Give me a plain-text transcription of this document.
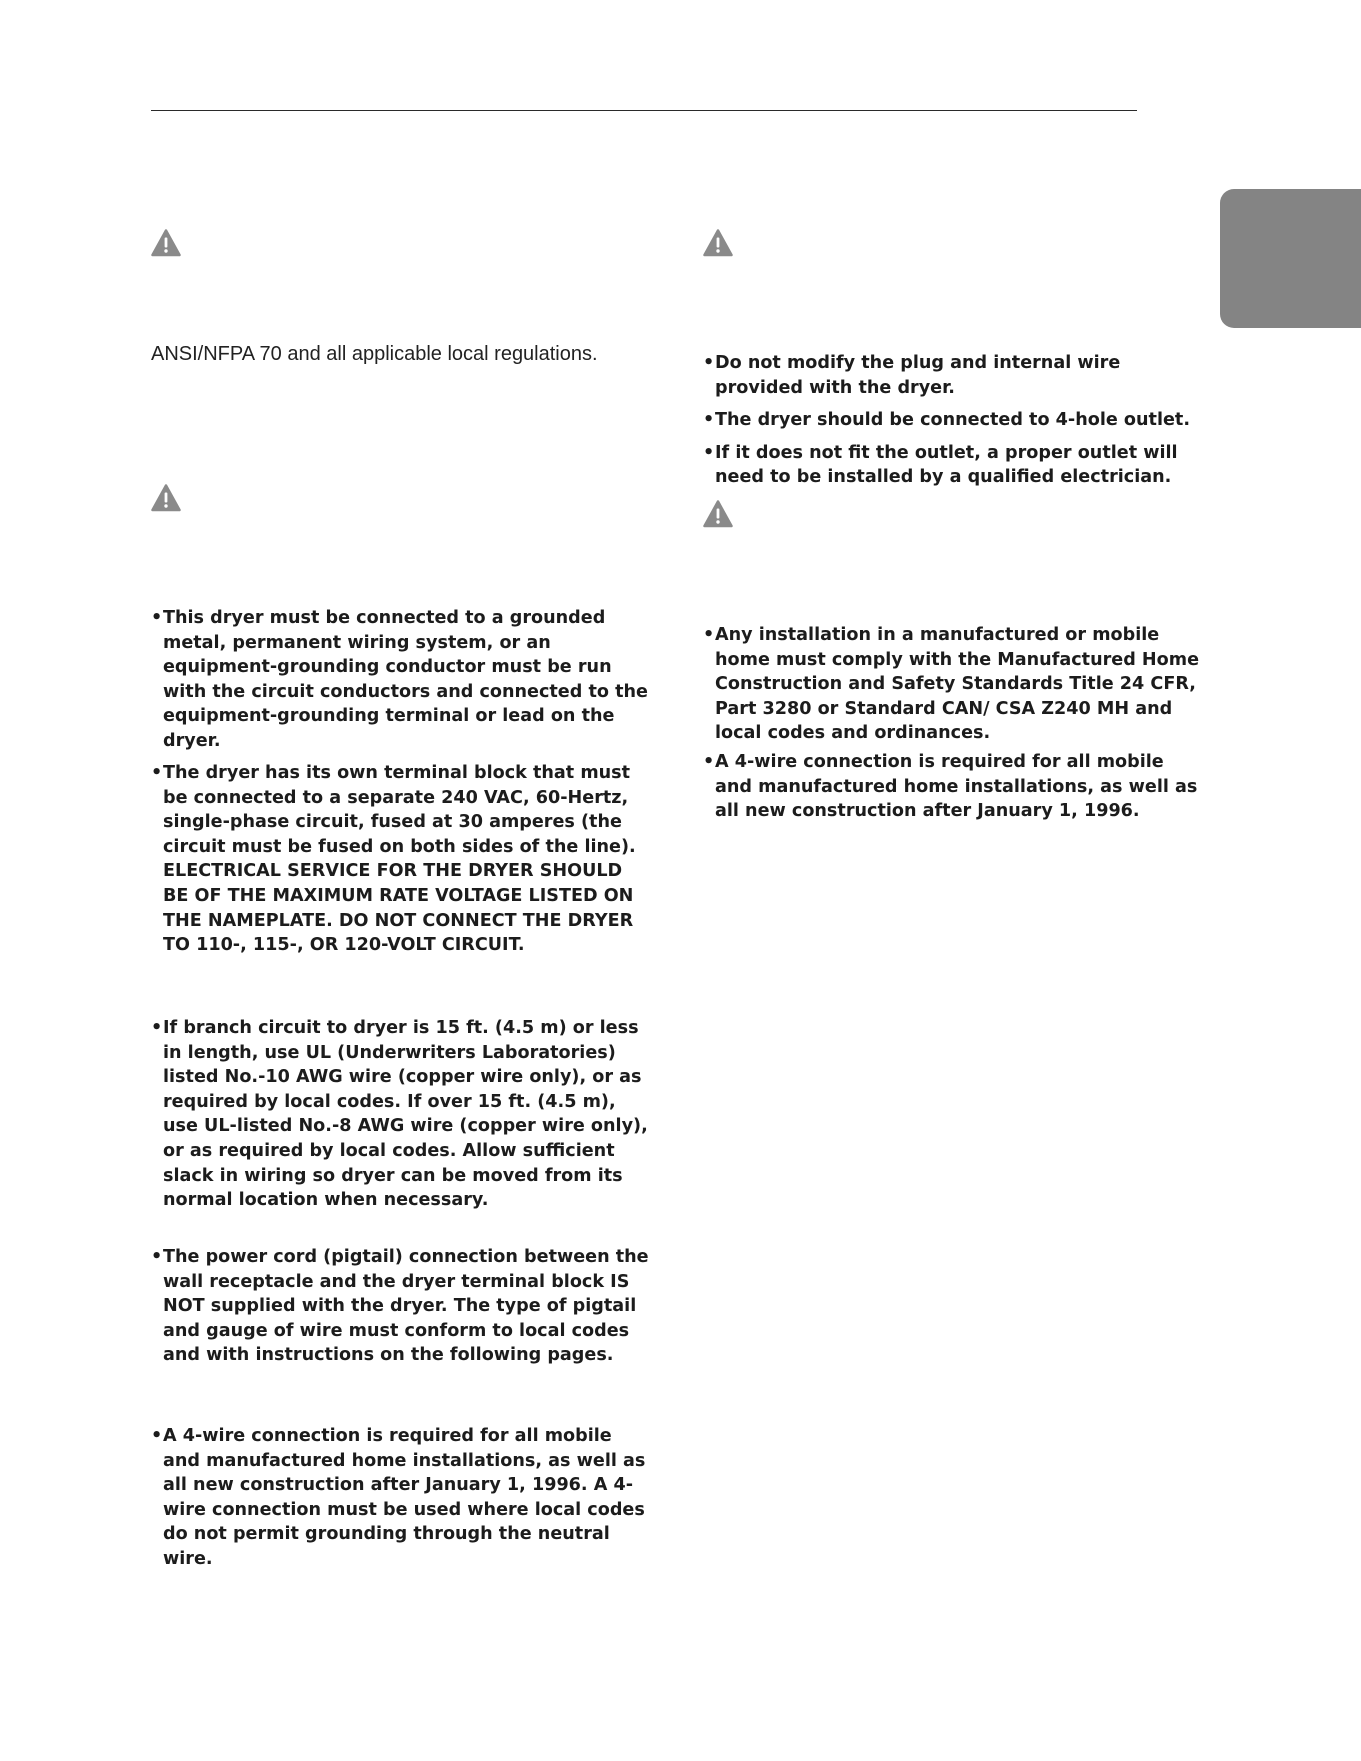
ANSI/NFPA 70 and all applicable local regulations.
• This dryer must be connected to a grounded metal, permanent wiring system, or an equipment-grounding conductor must be run with the circuit conductors and connected to the equipment-grounding terminal or lead on the dryer.
• The dryer has its own terminal block that must be connected to a separate 240 VAC, 60-Hertz, single-phase circuit, fused at 30 amperes (the circuit must be fused on both sides of the line). ELECTRICAL SERVICE FOR THE DRYER SHOULD BE OF THE MAXIMUM RATE VOLTAGE LISTED ON THE NAMEPLATE. DO NOT CONNECT THE DRYER TO 110-, 115-, OR 120-VOLT CIRCUIT.
• If branch circuit to dryer is 15 ft. (4.5 m) or less in length, use UL (Underwriters Laboratories) listed No.-10 AWG wire (copper wire only), or as required by local codes. If over 15 ft. (4.5 m), use UL-listed No.-8 AWG wire (copper wire only), or as required by local codes. Allow sufficient slack in wiring so dryer can be moved from its normal location when necessary.
• The power cord (pigtail) connection between the wall receptacle and the dryer terminal block IS NOT supplied with the dryer. The type of pigtail and gauge of wire must conform to local codes and with instructions on the following pages.
• A 4-wire connection is required for all mobile and manufactured home installations, as well as all new construction after January 1, 1996. A 4-wire connection must be used where local codes do not permit grounding through the neutral wire.
• Do not modify the plug and internal wire provided with the dryer.
• The dryer should be connected to 4-hole outlet.
• If it does not fit the outlet, a proper outlet will need to be installed by a qualified electrician.
• Any installation in a manufactured or mobile home must comply with the Manufactured Home Construction and Safety Standards Title 24 CFR, Part 3280 or Standard CAN/ CSA Z240 MH and local codes and ordinances.
• A 4-wire connection is required for all mobile and manufactured home installations, as well as all new construction after January 1, 1996.
